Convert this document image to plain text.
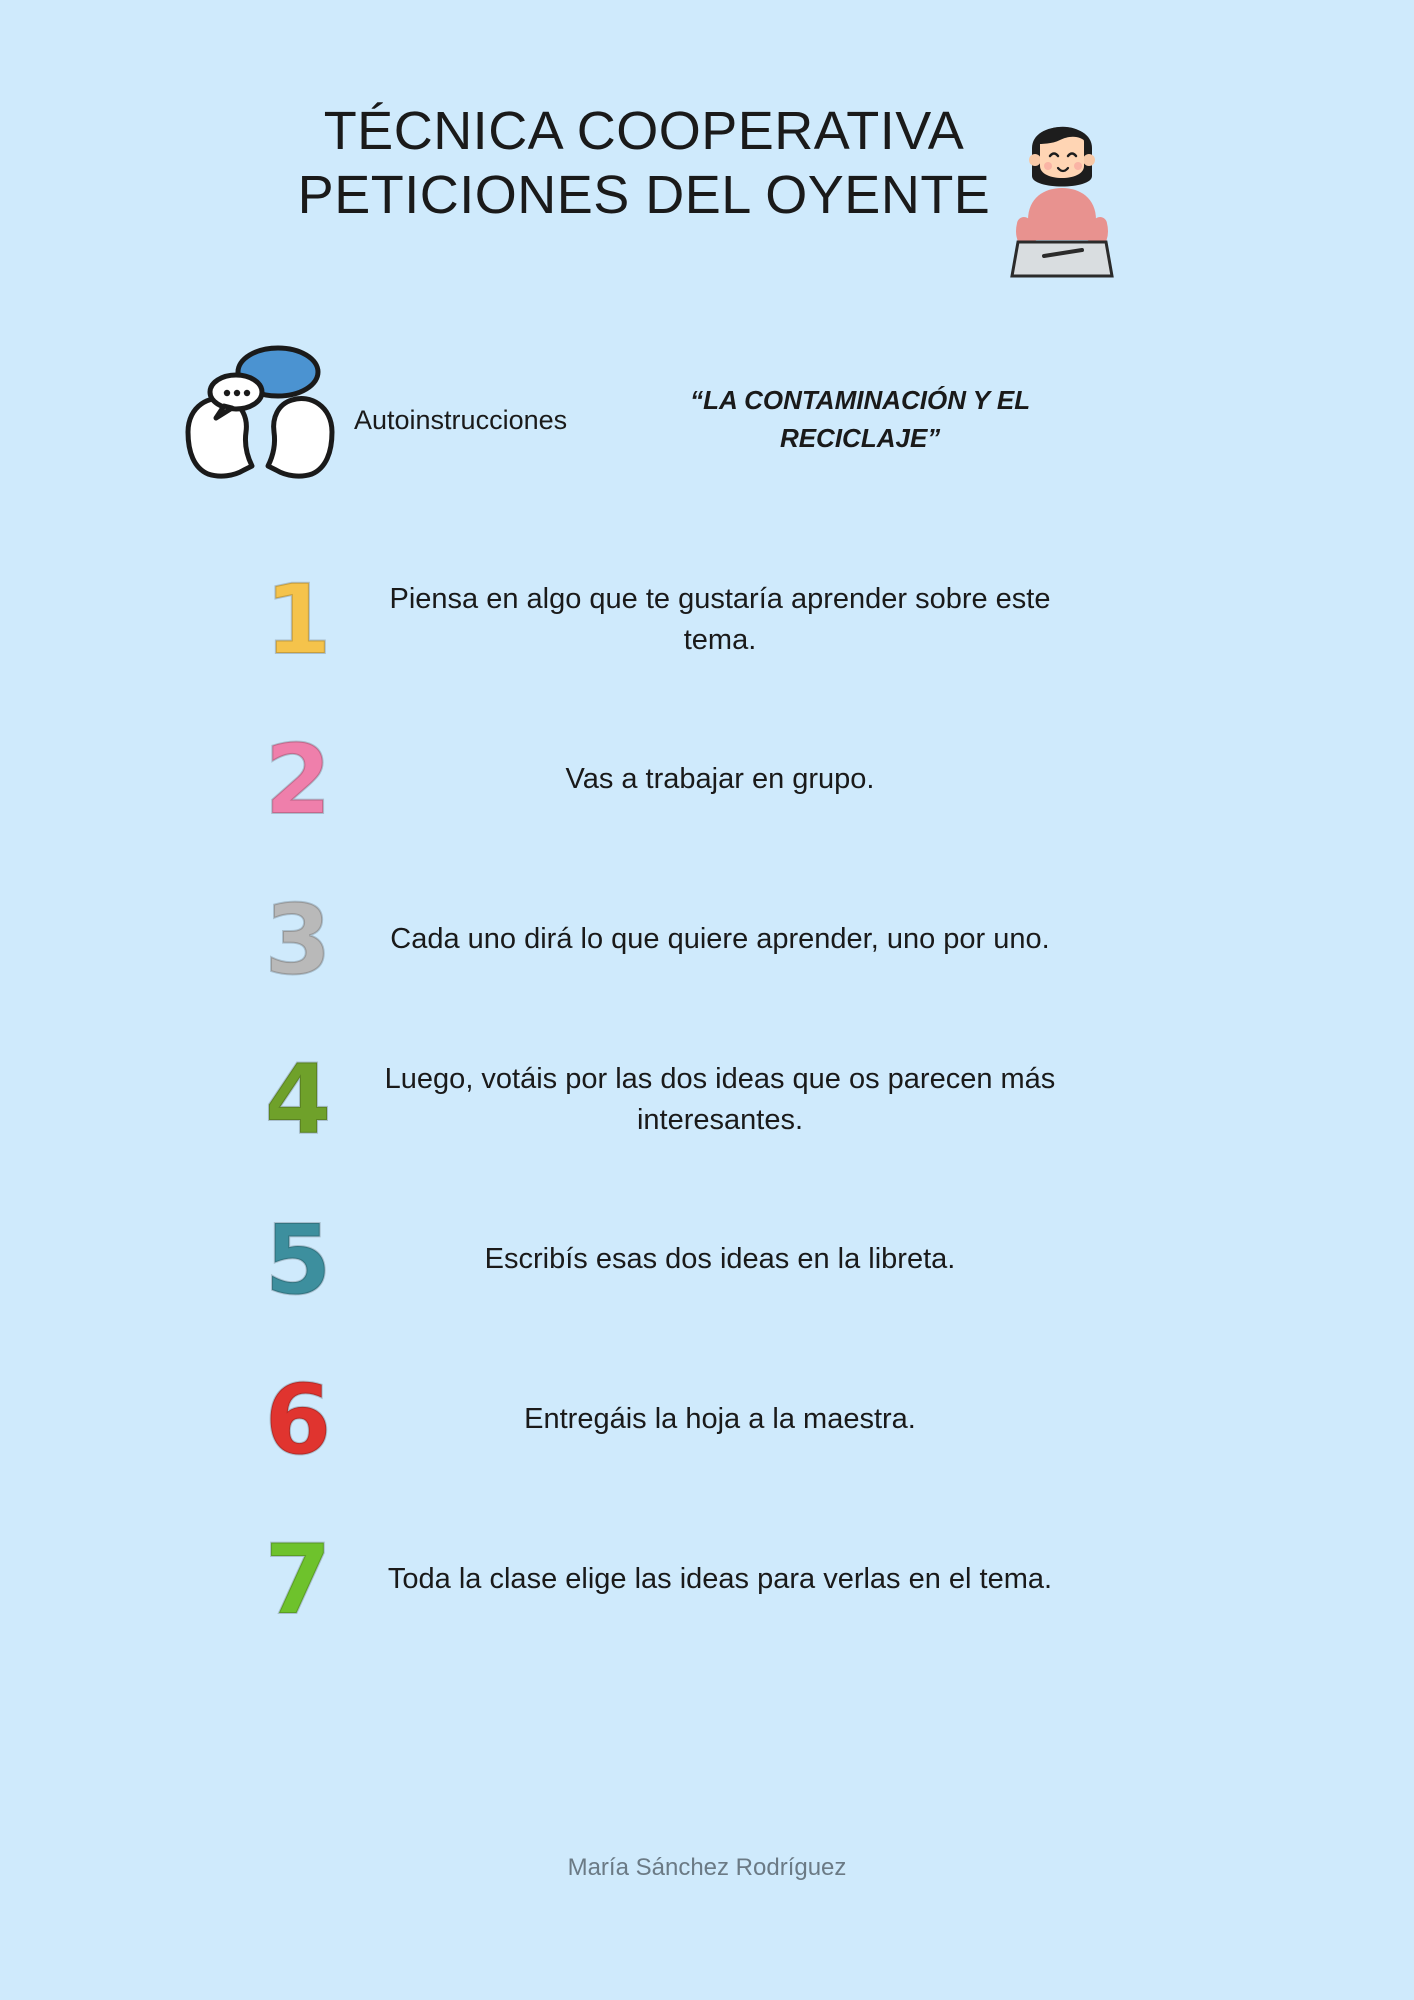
TÉCNICA COOPERATIVA
PETICIONES DEL OYENTE
Autoinstrucciones
“LA CONTAMINACIÓN Y EL RECICLAJE”
1	Piensa en algo que te gustaría aprender sobre este tema.
2	Vas a trabajar en grupo.
3	Cada uno dirá lo que quiere aprender, uno por uno.
4	Luego, votáis por las dos ideas que os parecen más interesantes.
5	Escribís esas dos ideas en la libreta.
6	Entregáis la hoja a la maestra.
7	Toda la clase elige las ideas para verlas en el tema.
María Sánchez Rodríguez
